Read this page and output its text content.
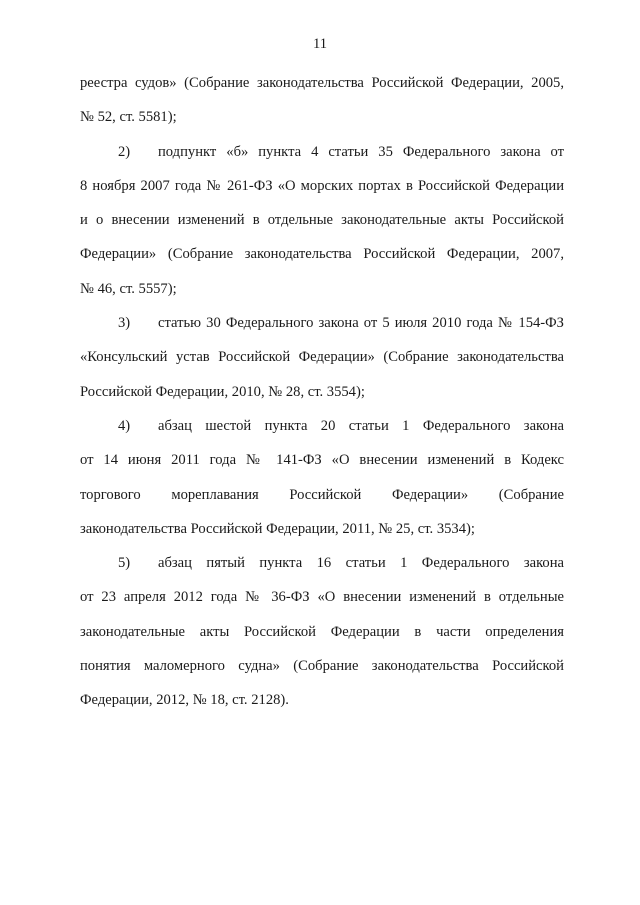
11
реестра судов» (Собрание законодательства Российской Федерации, 2005,
№ 52, ст. 5581);
2) подпункт «б» пункта 4 статьи 35 Федерального закона от
8 ноября 2007 года № 261-ФЗ «О морских портах в Российской Федерации
и о внесении изменений в отдельные законодательные акты Российской
Федерации» (Собрание законодательства Российской Федерации, 2007,
№ 46, ст. 5557);
3) статью 30 Федерального закона от 5 июля 2010 года № 154-ФЗ
«Консульский устав Российской Федерации» (Собрание законодательства
Российской Федерации, 2010, № 28, ст. 3554);
4) абзац шестой пункта 20 статьи 1 Федерального закона
от 14 июня 2011 года № 141-ФЗ «О внесении изменений в Кодекс
торгового мореплавания Российской Федерации» (Собрание
законодательства Российской Федерации, 2011, № 25, ст. 3534);
5) абзац пятый пункта 16 статьи 1 Федерального закона
от 23 апреля 2012 года № 36-ФЗ «О внесении изменений в отдельные
законодательные акты Российской Федерации в части определения
понятия маломерного судна» (Собрание законодательства Российской
Федерации, 2012, № 18, ст. 2128).
